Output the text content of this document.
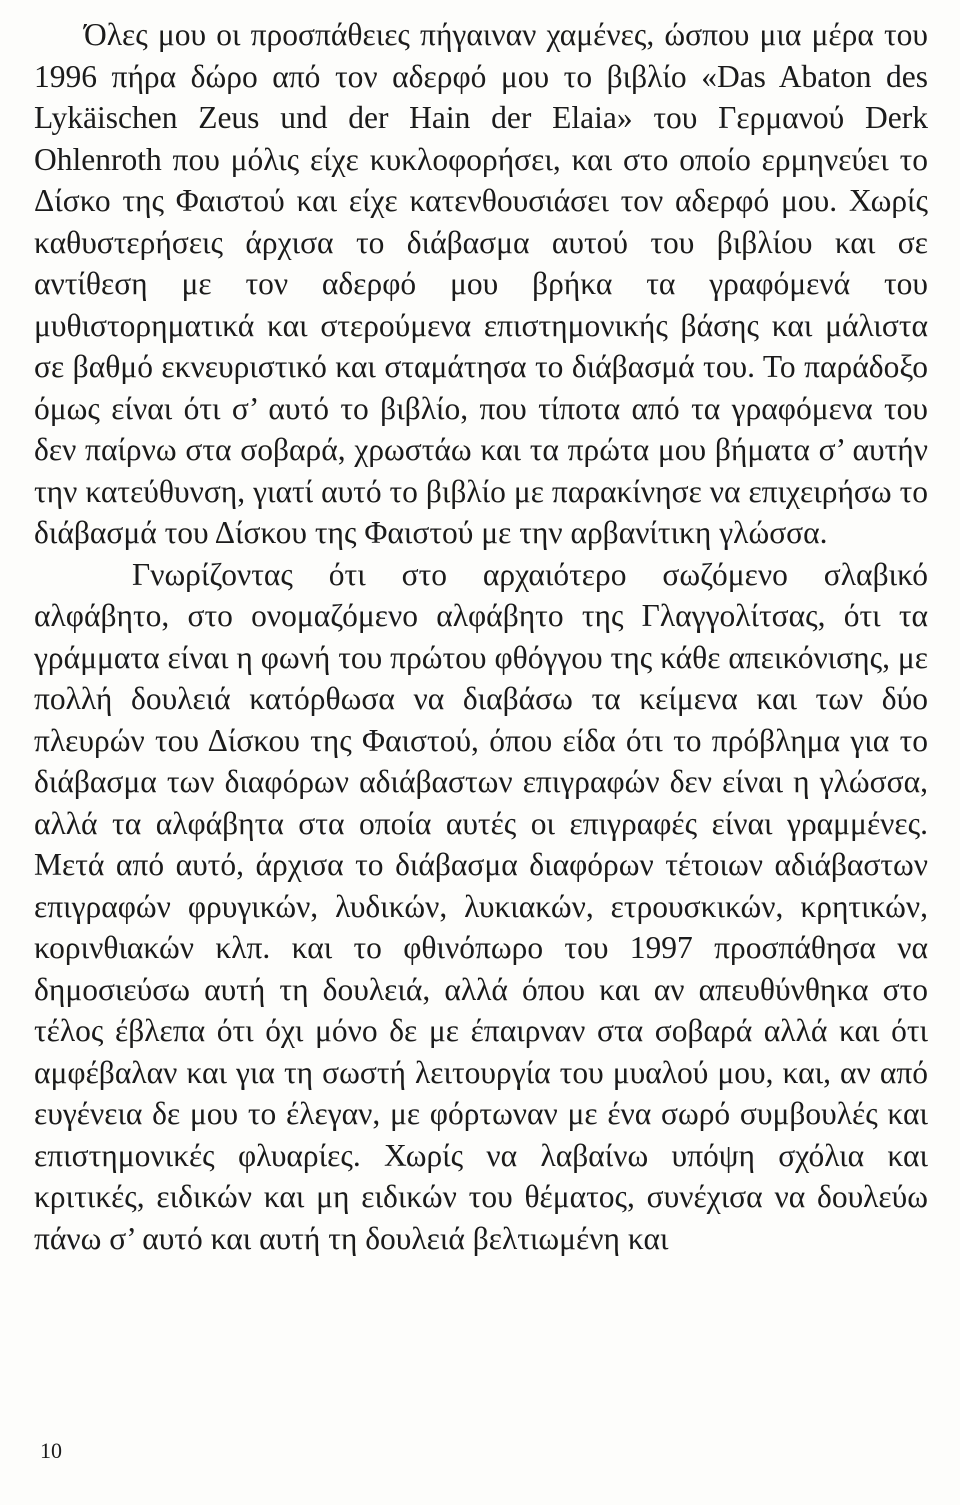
Όλες μου οι προσπάθειες πήγαιναν χαμένες, ώσπου μια μέρα του 1996 πήρα δώρο από τον αδερφό μου το βιβλίο «Das Abaton des Lykäischen Zeus und der Hain der Elaia» του Γερμανού Derk Ohlenroth που μόλις είχε κυκλοφορήσει, και στο οποίο ερμηνεύει το Δίσκο της Φαιστού και είχε κατενθουσιάσει τον αδερφό μου. Χωρίς καθυστερήσεις άρχισα το διάβασμα αυτού του βιβλίου και σε αντίθεση με τον αδερφό μου βρήκα τα γραφόμενά του μυθιστορηματικά και στερούμενα επιστημονικής βάσης και μάλιστα σε βαθμό εκνευριστικό και σταμάτησα το διάβασμά του. Το παράδοξο όμως είναι ότι σ’ αυτό το βιβλίο, που τίποτα από τα γραφόμενα του δεν παίρνω στα σοβαρά, χρωστάω και τα πρώτα μου βήματα σ’ αυτήν την κατεύθυνση, γιατί αυτό το βιβλίο με παρακίνησε να επιχειρήσω το διάβασμά του Δίσκου της Φαιστού με την αρβανίτικη γλώσσα.

Γνωρίζοντας ότι στο αρχαιότερο σωζόμενο σλαβικό αλφάβητο, στο ονομαζόμενο αλφάβητο της Γλαγγολίτσας, ότι τα γράμματα είναι η φωνή του πρώτου φθόγγου της κάθε απεικόνισης, με πολλή δουλειά κατόρθωσα να διαβάσω τα κείμενα και των δύο πλευρών του Δίσκου της Φαιστού, όπου είδα ότι το πρόβλημα για το διάβασμα των διαφόρων αδιάβαστων επιγραφών δεν είναι η γλώσσα, αλλά τα αλφάβητα στα οποία αυτές οι επιγραφές είναι γραμμένες. Μετά από αυτό, άρχισα το διάβασμα διαφόρων τέτοιων αδιάβαστων επιγραφών φρυγικών, λυδικών, λυκιακών, ετρουσκικών, κρητικών, κορινθιακών κλπ. και το φθινόπωρο του 1997 προσπάθησα να δημοσιεύσω αυτή τη δουλειά, αλλά όπου και αν απευθύνθηκα στο τέλος έβλεπα ότι όχι μόνο δε με έπαιρναν στα σοβαρά αλλά και ότι αμφέβαλαν και για τη σωστή λειτουργία του μυαλού μου, και, αν από ευγένεια δε μου το έλεγαν, με φόρτωναν με ένα σωρό συμβουλές και επιστημονικές φλυαρίες. Χωρίς να λαβαίνω υπόψη σχόλια και κριτικές, ειδικών και μη ειδικών του θέματος, συνέχισα να δουλεύω πάνω σ’ αυτό και αυτή τη δουλειά βελτιωμένη και

10
